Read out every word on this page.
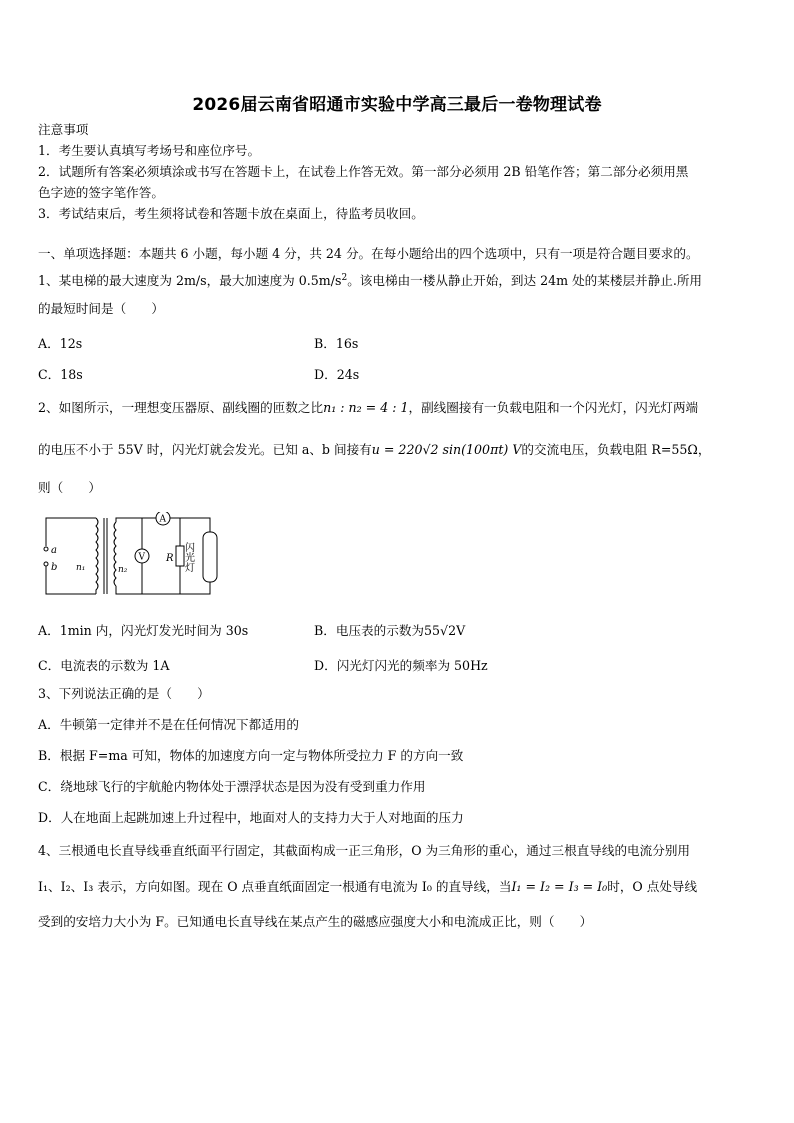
2026届云南省昭通市实验中学高三最后一卷物理试卷
注意事项
1．考生要认真填写考场号和座位序号。
2．试题所有答案必须填涂或书写在答题卡上，在试卷上作答无效。第一部分必须用 2B 铅笔作答；第二部分必须用黑
色字迹的签字笔作答。
3．考试结束后，考生须将试卷和答题卡放在桌面上，待监考员收回。
一、单项选择题：本题共 6 小题，每小题 4 分，共 24 分。在每小题给出的四个选项中，只有一项是符合题目要求的。
1、某电梯的最大速度为 2m/s，最大加速度为 $0.5m/s^2$。该电梯由一楼从静止开始，到达 24m 处的某楼层并静止.所用
的最短时间是（　　）
A．12s	B．16s
C．18s	D．24s
2、如图所示，一理想变压器原、副线圈的匝数之比n₁ : n₂ = 4 : 1，副线圈接有一负载电阻和一个闪光灯，闪光灯两端
的电压不小于 55V 时，闪光灯就会发光。已知 a、b 间接有u = 220√2 sin(100πt) V的交流电压，负载电阻 R=55Ω，
则（　　）
a
b n₁	n₂
A
V R 闪光灯
A．1min 内，闪光灯发光时间为 30s	B．电压表的示数为55√2V
C．电流表的示数为 1A	D．闪光灯闪光的频率为 50Hz
3、下列说法正确的是（　　）
A．牛顿第一定律并不是在任何情况下都适用的
B．根据 F=ma 可知，物体的加速度方向一定与物体所受拉力 F 的方向一致
C．绕地球飞行的宇航舱内物体处于漂浮状态是因为没有受到重力作用
D．人在地面上起跳加速上升过程中，地面对人的支持力大于人对地面的压力
4、三根通电长直导线垂直纸面平行固定，其截面构成一正三角形，O 为三角形的重心，通过三根直导线的电流分别用
I₁、I₂、I₃ 表示，方向如图。现在 O 点垂直纸面固定一根通有电流为 I₀ 的直导线，当I₁ = I₂ = I₃ = I₀时，O 点处导线
受到的安培力大小为 F。已知通电长直导线在某点产生的磁感应强度大小和电流成正比，则（　　）
